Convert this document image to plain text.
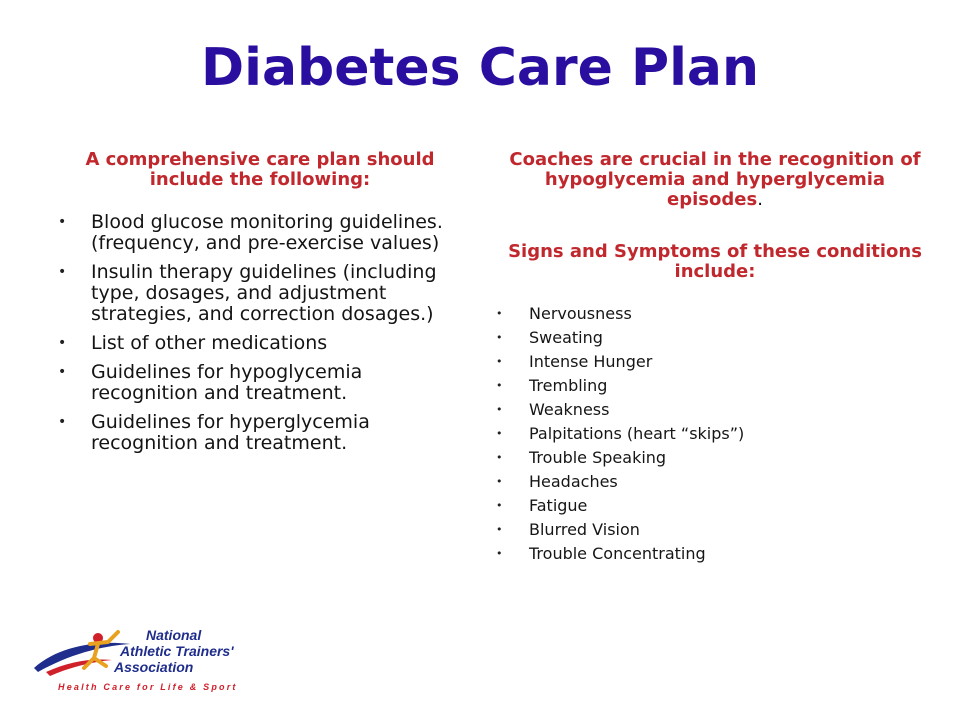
Diabetes Care Plan

A comprehensive care plan should include the following:

• Blood glucose monitoring guidelines. (frequency, and pre-exercise values)
• Insulin therapy guidelines (including type, dosages, and adjustment strategies, and correction dosages.)
• List of other medications
• Guidelines for hypoglycemia recognition and treatment.
• Guidelines for hyperglycemia recognition and treatment.

Coaches are crucial in the recognition of hypoglycemia and hyperglycemia episodes.

Signs and Symptoms of these conditions include:

• Nervousness
• Sweating
• Intense Hunger
• Trembling
• Weakness
• Palpitations (heart “skips”)
• Trouble Speaking
• Headaches
• Fatigue
• Blurred Vision
• Trouble Concentrating
National
Athletic Trainers'
Association
Health Care for Life & Sport
